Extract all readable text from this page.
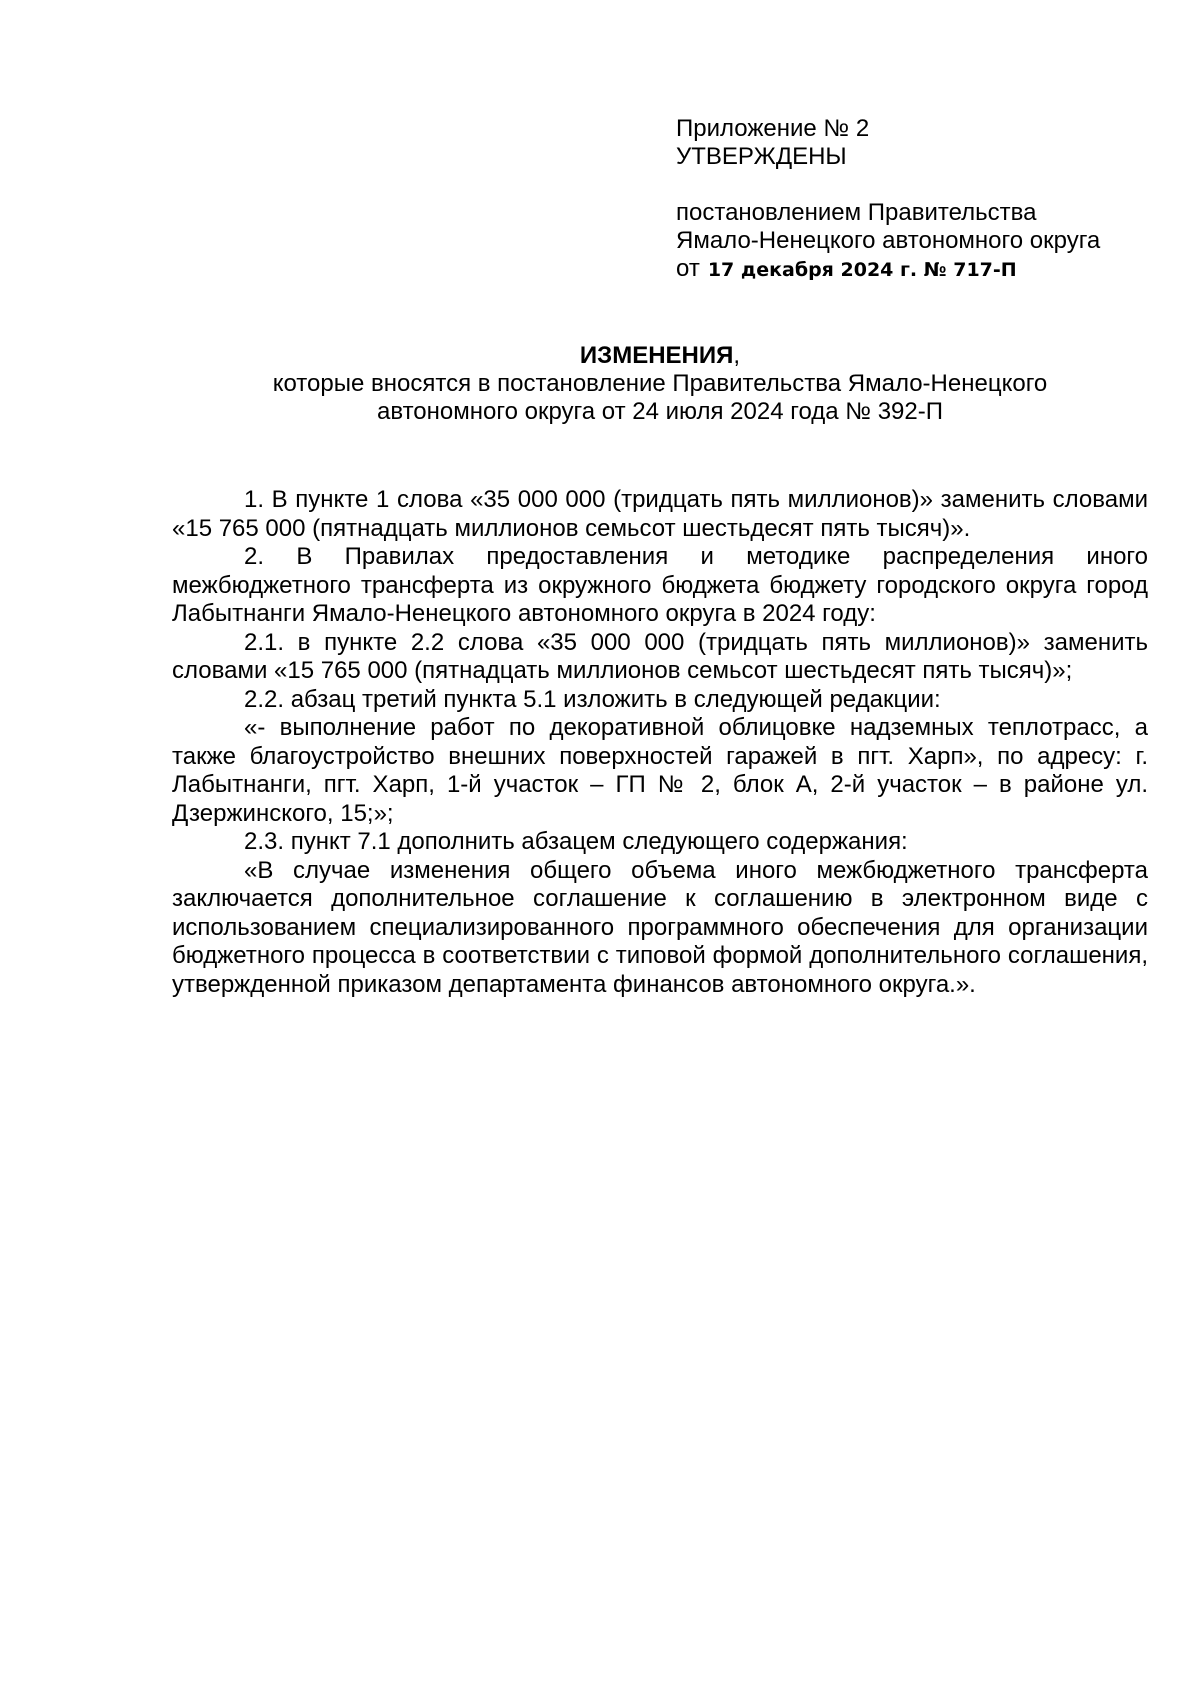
Приложение № 2
УТВЕРЖДЕНЫ
постановлением Правительства
Ямало-Ненецкого автономного округа
от 17 декабря 2024 г. № 717-П
ИЗМЕНЕНИЯ,
которые вносятся в постановление Правительства Ямало-Ненецкого автономного округа от 24 июля 2024 года № 392-П

1. В пункте 1 слова «35 000 000 (тридцать пять миллионов)» заменить словами «15 765 000 (пятнадцать миллионов семьсот шестьдесят пять тысяч)».

2. В Правилах предоставления и методике распределения иного межбюджетного трансферта из окружного бюджета бюджету городского округа город Лабытнанги Ямало-Ненецкого автономного округа в 2024 году:

2.1. в пункте 2.2 слова «35 000 000 (тридцать пять миллионов)» заменить словами «15 765 000 (пятнадцать миллионов семьсот шестьдесят пять тысяч)»;

2.2. абзац третий пункта 5.1 изложить в следующей редакции:

«- выполнение работ по декоративной облицовке надземных теплотрасс, а также благоустройство внешних поверхностей гаражей в пгт. Харп», по адресу: г. Лабытнанги, пгт. Харп, 1-й участок – ГП № 2, блок А, 2-й участок – в районе ул. Дзержинского, 15;»;

2.3. пункт 7.1 дополнить абзацем следующего содержания:

«В случае изменения общего объема иного межбюджетного трансферта заключается дополнительное соглашение к соглашению в электронном виде с использованием специализированного программного обеспечения для организации бюджетного процесса в соответствии с типовой формой дополнительного соглашения, утвержденной приказом департамента финансов автономного округа.».
